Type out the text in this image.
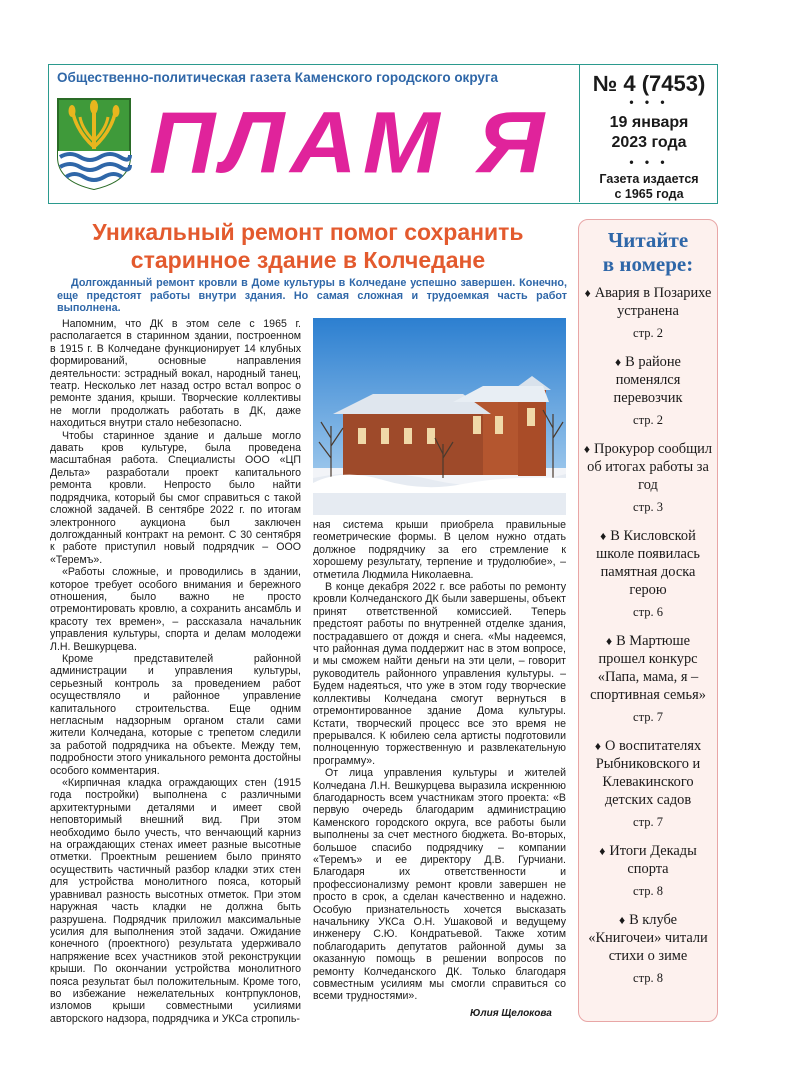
Общественно-политическая газета Каменского городского округа
ПЛАМ Я
№ 4 (7453)
• • •
19 января
2023 года
• • •
Газета издается
с 1965 года
Уникальный ремонт помог сохранить
старинное здание в Колчедане
Долгожданный ремонт кровли в Доме культуры в Колчедане успешно завершен. Конечно, еще предстоят работы внутри здания. Но самая сложная и трудоемкая часть работ выполнена.

Напомним, что ДК в этом селе с 1965 г. располагается в старинном здании, построенном в 1915 г. В Колчедане функционирует 14 клубных формирований, основные направления деятельности: эстрадный вокал, народный танец, театр. Несколько лет назад остро встал вопрос о ремонте здания, крыши. Творческие коллективы не могли продолжать работать в ДК, даже находиться внутри стало небезопасно.

Чтобы старинное здание и дальше могло давать кров культуре, была проведена масштабная работа. Специалисты ООО «ЦП Дельта» разработали проект капитального ремонта кровли. Непросто было найти подрядчика, который бы смог справиться с такой сложной задачей. В сентябре 2022 г. по итогам электронного аукциона был заключен долгожданный контракт на ремонт. С 30 сентября к работе приступил новый подрядчик – ООО «Теремъ».

«Работы сложные, и проводились в здании, которое требует особого внимания и бережного отношения, было важно не просто отремонтировать кровлю, а сохранить ансамбль и красоту тех времен», – рассказала начальник управления культуры, спорта и делам молодежи Л.Н. Вешкурцева.

Кроме представителей районной администрации и управления культуры, серьезный контроль за проведением работ осуществляло и районное управление капитального строительства. Еще одним негласным надзорным органом стали сами жители Колчедана, которые с трепетом следили за работой подрядчика на объекте. Между тем, подробности этого уникального ремонта достойны особого комментария.

«Кирпичная кладка ограждающих стен (1915 года постройки) выполнена с различными архитектурными деталями и имеет свой неповторимый внешний вид. При этом необходимо было учесть, что венчающий карниз на ограждающих стенах имеет разные высотные отметки. Проектным решением было принято осуществить частичный разбор кладки этих стен для устройства монолитного пояса, который уравнивал разность высотных отметок. При этом наружная часть кладки не должна быть разрушена. Подрядчик приложил максимальные усилия для выполнения этой задачи. Ожидание конечного (проектного) результата удерживало напряжение всех участников этой реконструкции крыши. По окончании устройства монолитного пояса результат был положительным. Кроме того, во избежание нежелательных контрпуклонов, изломов крыши совместными усилиями авторского надзора, подрядчика и УКСа стропиль-

ная система крыши приобрела правильные геометрические формы. В целом нужно отдать должное подрядчику за его стремление к хорошему результату, терпение и трудолюбие», – отметила Людмила Николаевна.

В конце декабря 2022 г. все работы по ремонту кровли Колчеданского ДК были завершены, объект принят ответственной комиссией. Теперь предстоят работы по внутренней отделке здания, пострадавшего от дождя и снега. «Мы надеемся, что районная дума поддержит нас в этом вопросе, и мы сможем найти деньги на эти цели, – говорит руководитель районного управления культуры. – Будем надеяться, что уже в этом году творческие коллективы Колчедана смогут вернуться в отремонтированное здание Дома культуры. Кстати, творческий процесс все это время не прерывался. К юбилею села артисты подготовили полноценную торжественную и развлекательную программу».

От лица управления культуры и жителей Колчедана Л.Н. Вешкурцева выразила искреннюю благодарность всем участникам этого проекта: «В первую очередь благодарим администрацию Каменского городского округа, все работы были выполнены за счет местного бюджета. Во-вторых, большое спасибо подрядчику – компании «Теремъ» и ее директору Д.В. Гурчиани. Благодаря их ответственности и профессионализму ремонт кровли завершен не просто в срок, а сделан качественно и надежно. Особую признательность хочется высказать начальнику УКСа О.Н. Ушаковой и ведущему инженеру С.Ю. Кондратьевой. Также хотим поблагодарить депутатов районной думы за оказанную помощь в решении вопросов по ремонту Колчеданского ДК. Только благодаря совместным усилиям мы смогли справиться со всеми трудностями».

Юлия Щелокова
Читайте
в номере:
♦ Авария в Позарихе устранена
стр. 2
♦ В районе поменялся перевозчик
стр. 2
♦ Прокурор сообщил об итогах работы за год
стр. 3
♦ В Кисловской школе появилась памятная доска герою
стр. 6
♦ В Мартюше прошел конкурс «Папа, мама, я – спортивная семья»
стр. 7
♦ О воспитателях Рыбниковского и Клевакинского детских садов
стр. 7
♦ Итоги Декады спорта
стр. 8
♦ В клубе «Книгочеи» читали стихи о зиме
стр. 8
